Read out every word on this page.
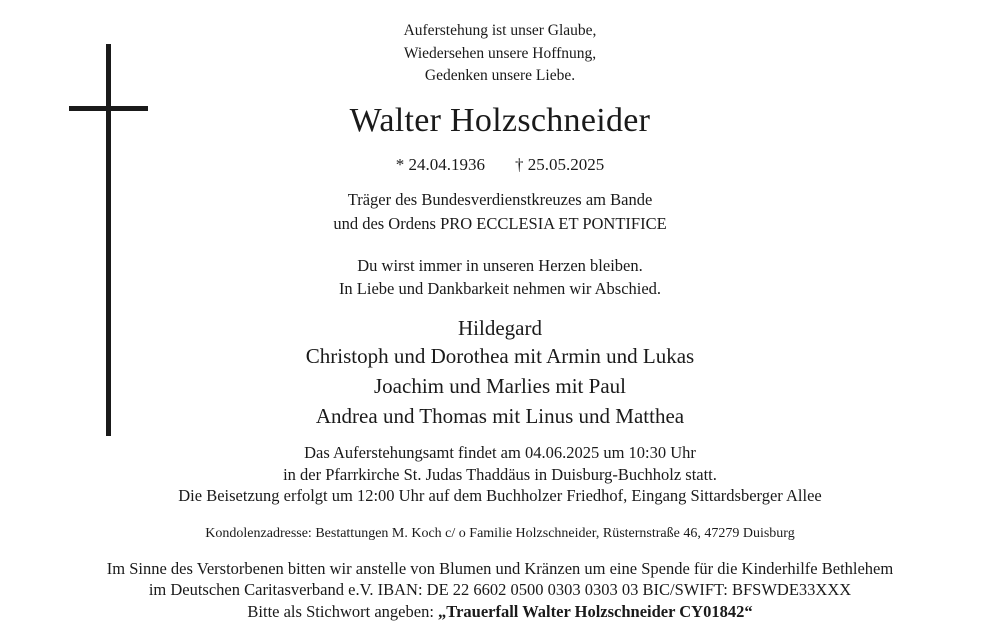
Auferstehung ist unser Glaube,
Wiedersehen unsere Hoffnung,
Gedenken unsere Liebe.
Walter Holzschneider
* 24.04.1936 † 25.05.2025
Träger des Bundesverdienstkreuzes am Bande
und des Ordens PRO ECCLESIA ET PONTIFICE
Du wirst immer in unseren Herzen bleiben.
In Liebe und Dankbarkeit nehmen wir Abschied.
Hildegard
Christoph und Dorothea mit Armin und Lukas
Joachim und Marlies mit Paul
Andrea und Thomas mit Linus und Matthea
Das Auferstehungsamt findet am 04.06.2025 um 10:30 Uhr
in der Pfarrkirche St. Judas Thaddäus in Duisburg-Buchholz statt.
Die Beisetzung erfolgt um 12:00 Uhr auf dem Buchholzer Friedhof, Eingang Sittardsberger Allee
Kondolenzadresse: Bestattungen M. Koch c/ o Familie Holzschneider, Rüsternstraße 46, 47279 Duisburg
Im Sinne des Verstorbenen bitten wir anstelle von Blumen und Kränzen um eine Spende für die Kinderhilfe Bethlehem
im Deutschen Caritasverband e.V. IBAN: DE 22 6602 0500 0303 0303 03 BIC/SWIFT: BFSWDE33XXX
Bitte als Stichwort angeben: „Trauerfall Walter Holzschneider CY01842“
